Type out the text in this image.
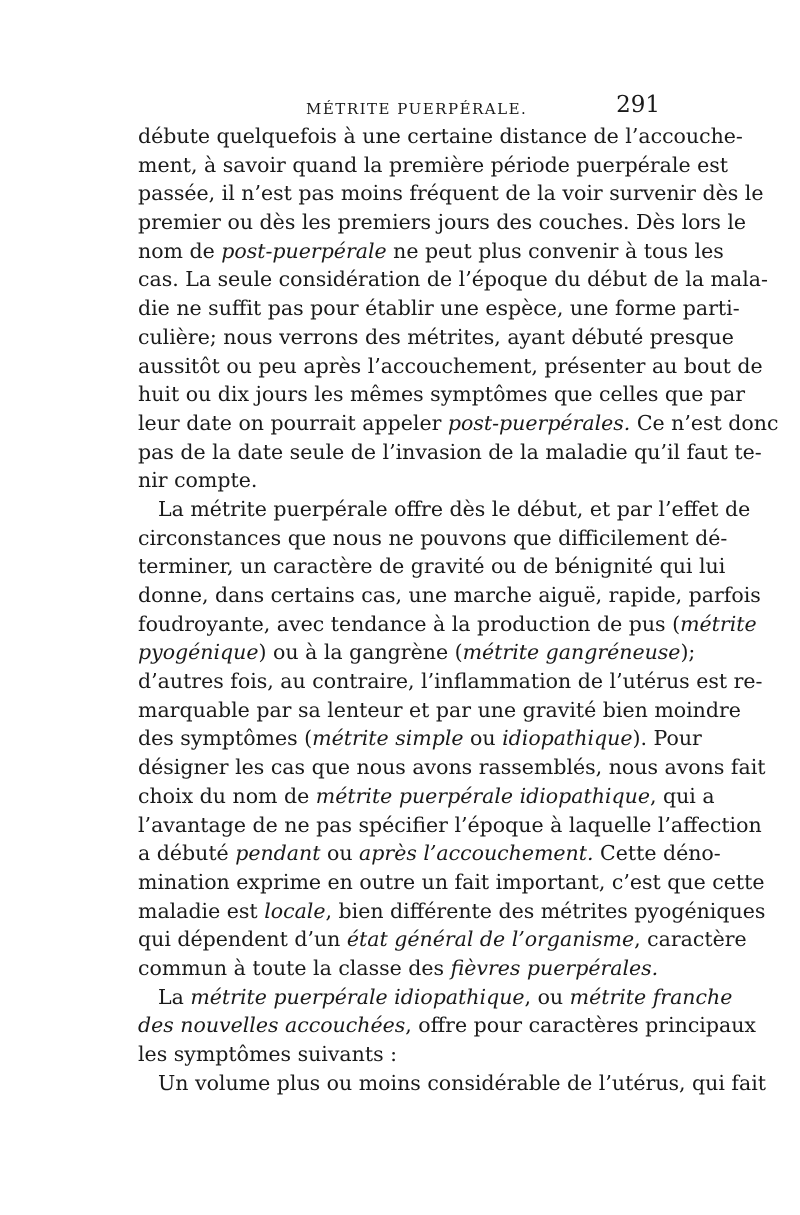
MÉTRITE PUERPÉRALE.	291
débute quelquefois à une certaine distance de l’accouche-
ment, à savoir quand la première période puerpérale est
passée, il n’est pas moins fréquent de la voir survenir dès le
premier ou dès les premiers jours des couches. Dès lors le
nom de post-puerpérale ne peut plus convenir à tous les
cas. La seule considération de l’époque du début de la mala-
die ne suffit pas pour établir une espèce, une forme parti-
culière; nous verrons des métrites, ayant débuté presque
aussitôt ou peu après l’accouchement, présenter au bout de
huit ou dix jours les mêmes symptômes que celles que par
leur date on pourrait appeler post-puerpérales. Ce n’est donc
pas de la date seule de l’invasion de la maladie qu’il faut te-
nir compte.
La métrite puerpérale offre dès le début, et par l’effet de
circonstances que nous ne pouvons que difficilement dé-
terminer, un caractère de gravité ou de bénignité qui lui
donne, dans certains cas, une marche aiguë, rapide, parfois
foudroyante, avec tendance à la production de pus (métrite
pyogénique) ou à la gangrène (métrite gangréneuse);
d’autres fois, au contraire, l’inflammation de l’utérus est re-
marquable par sa lenteur et par une gravité bien moindre
des symptômes (métrite simple ou idiopathique). Pour
désigner les cas que nous avons rassemblés, nous avons fait
choix du nom de métrite puerpérale idiopathique, qui a
l’avantage de ne pas spécifier l’époque à laquelle l’affection
a débuté pendant ou après l’accouchement. Cette déno-
mination exprime en outre un fait important, c’est que cette
maladie est locale, bien différente des métrites pyogéniques
qui dépendent d’un état général de l’organisme, caractère
commun à toute la classe des fièvres puerpérales.
La métrite puerpérale idiopathique, ou métrite franche
des nouvelles accouchées, offre pour caractères principaux
les symptômes suivants :
Un volume plus ou moins considérable de l’utérus, qui fait
